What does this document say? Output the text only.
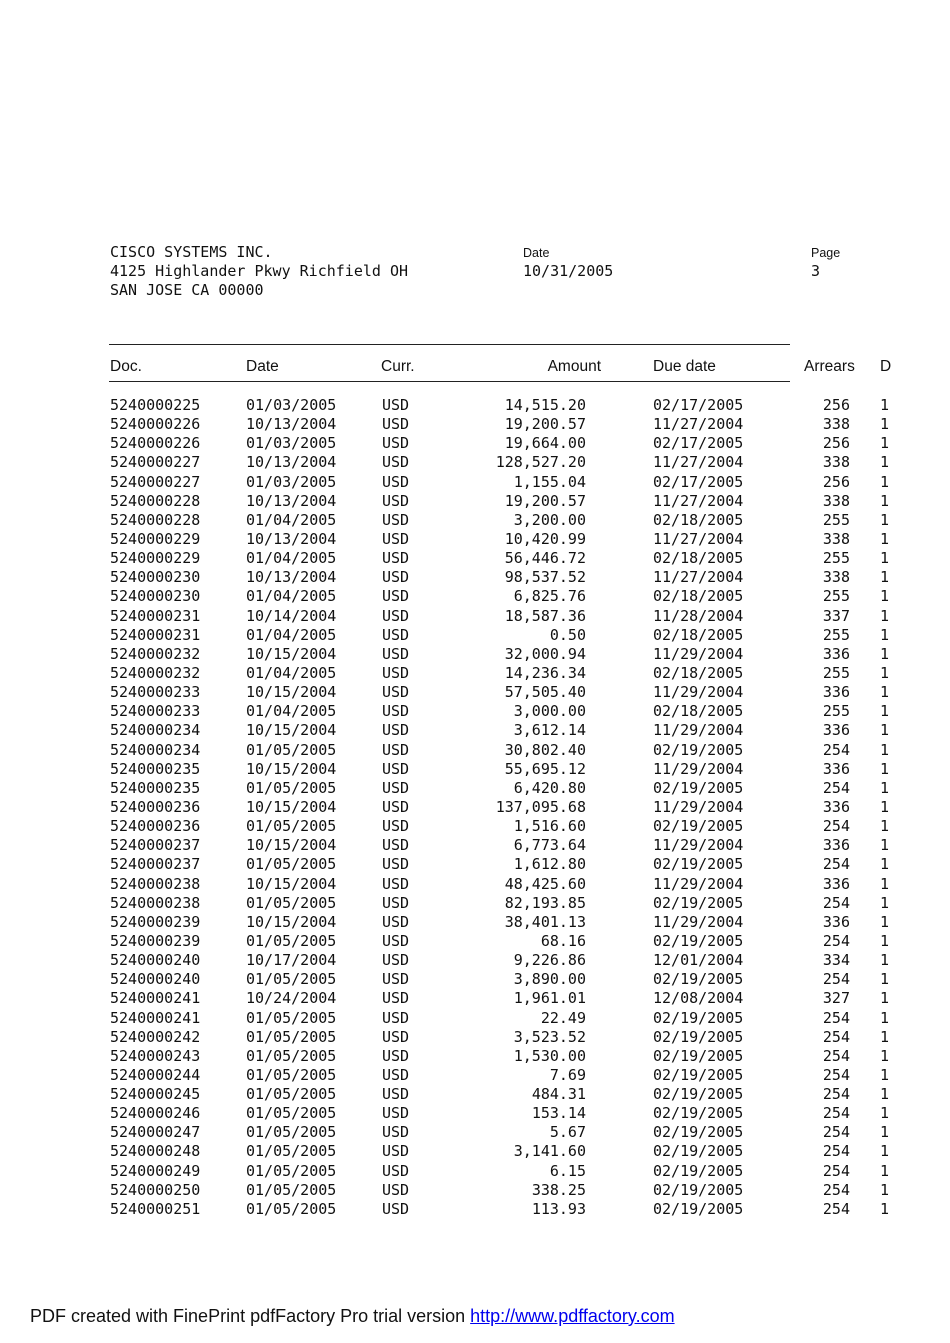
CISCO SYSTEMS INC.
4125 Highlander Pkwy Richfield OH
SAN JOSE CA 00000
Date
10/31/2005
Page
3
Doc.	Date	Curr.	Amount	Due date	Arrears D
5240000225	01/03/2005	USD	14,515.20	02/17/2005	256 1
5240000226	10/13/2004	USD	19,200.57	11/27/2004	338 1
5240000226	01/03/2005	USD	19,664.00	02/17/2005	256 1
5240000227	10/13/2004	USD	128,527.20	11/27/2004	338 1
5240000227	01/03/2005	USD	1,155.04	02/17/2005	256 1
5240000228	10/13/2004	USD	19,200.57	11/27/2004	338 1
5240000228	01/04/2005	USD	3,200.00	02/18/2005	255 1
5240000229	10/13/2004	USD	10,420.99	11/27/2004	338 1
5240000229	01/04/2005	USD	56,446.72	02/18/2005	255 1
5240000230	10/13/2004	USD	98,537.52	11/27/2004	338 1
5240000230	01/04/2005	USD	6,825.76	02/18/2005	255 1
5240000231	10/14/2004	USD	18,587.36	11/28/2004	337 1
5240000231	01/04/2005	USD	0.50	02/18/2005	255 1
5240000232	10/15/2004	USD	32,000.94	11/29/2004	336 1
5240000232	01/04/2005	USD	14,236.34	02/18/2005	255 1
5240000233	10/15/2004	USD	57,505.40	11/29/2004	336 1
5240000233	01/04/2005	USD	3,000.00	02/18/2005	255 1
5240000234	10/15/2004	USD	3,612.14	11/29/2004	336 1
5240000234	01/05/2005	USD	30,802.40	02/19/2005	254 1
5240000235	10/15/2004	USD	55,695.12	11/29/2004	336 1
5240000235	01/05/2005	USD	6,420.80	02/19/2005	254 1
5240000236	10/15/2004	USD	137,095.68	11/29/2004	336 1
5240000236	01/05/2005	USD	1,516.60	02/19/2005	254 1
5240000237	10/15/2004	USD	6,773.64	11/29/2004	336 1
5240000237	01/05/2005	USD	1,612.80	02/19/2005	254 1
5240000238	10/15/2004	USD	48,425.60	11/29/2004	336 1
5240000238	01/05/2005	USD	82,193.85	02/19/2005	254 1
5240000239	10/15/2004	USD	38,401.13	11/29/2004	336 1
5240000239	01/05/2005	USD	68.16	02/19/2005	254 1
5240000240	10/17/2004	USD	9,226.86	12/01/2004	334 1
5240000240	01/05/2005	USD	3,890.00	02/19/2005	254 1
5240000241	10/24/2004	USD	1,961.01	12/08/2004	327 1
5240000241	01/05/2005	USD	22.49	02/19/2005	254 1
5240000242	01/05/2005	USD	3,523.52	02/19/2005	254 1
5240000243	01/05/2005	USD	1,530.00	02/19/2005	254 1
5240000244	01/05/2005	USD	7.69	02/19/2005	254 1
5240000245	01/05/2005	USD	484.31	02/19/2005	254 1
5240000246	01/05/2005	USD	153.14	02/19/2005	254 1
5240000247	01/05/2005	USD	5.67	02/19/2005	254 1
5240000248	01/05/2005	USD	3,141.60	02/19/2005	254 1
5240000249	01/05/2005	USD	6.15	02/19/2005	254 1
5240000250	01/05/2005	USD	338.25	02/19/2005	254 1
5240000251	01/05/2005	USD	113.93	02/19/2005	254 1
PDF created with FinePrint pdfFactory Pro trial version http://www.pdffactory.com
